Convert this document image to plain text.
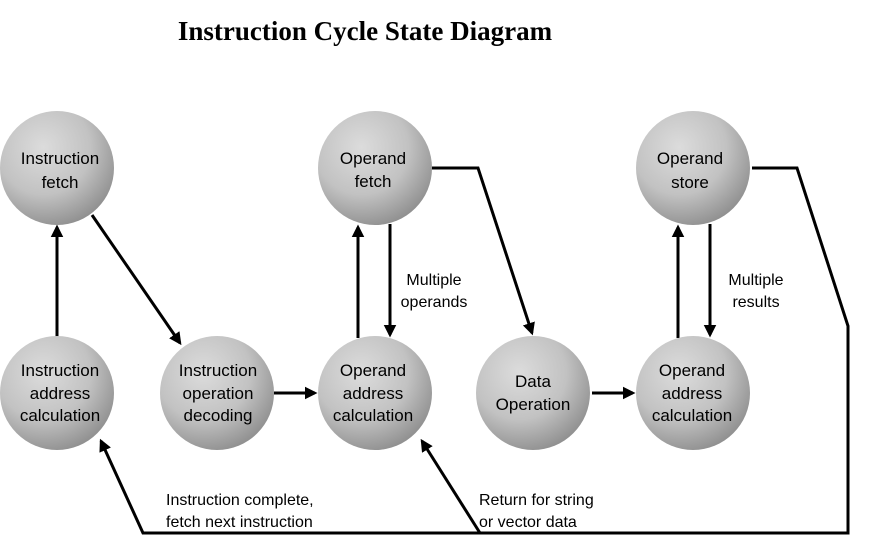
Instruction Cycle State Diagram
Instruction fetch
Instruction address calculation
Instruction operation decoding
Operand fetch
Operand address calculation
Data Operation
Operand store
Operand address calculation
Multiple operands
Multiple results
Instruction complete, fetch next instruction
Return for string or vector data
